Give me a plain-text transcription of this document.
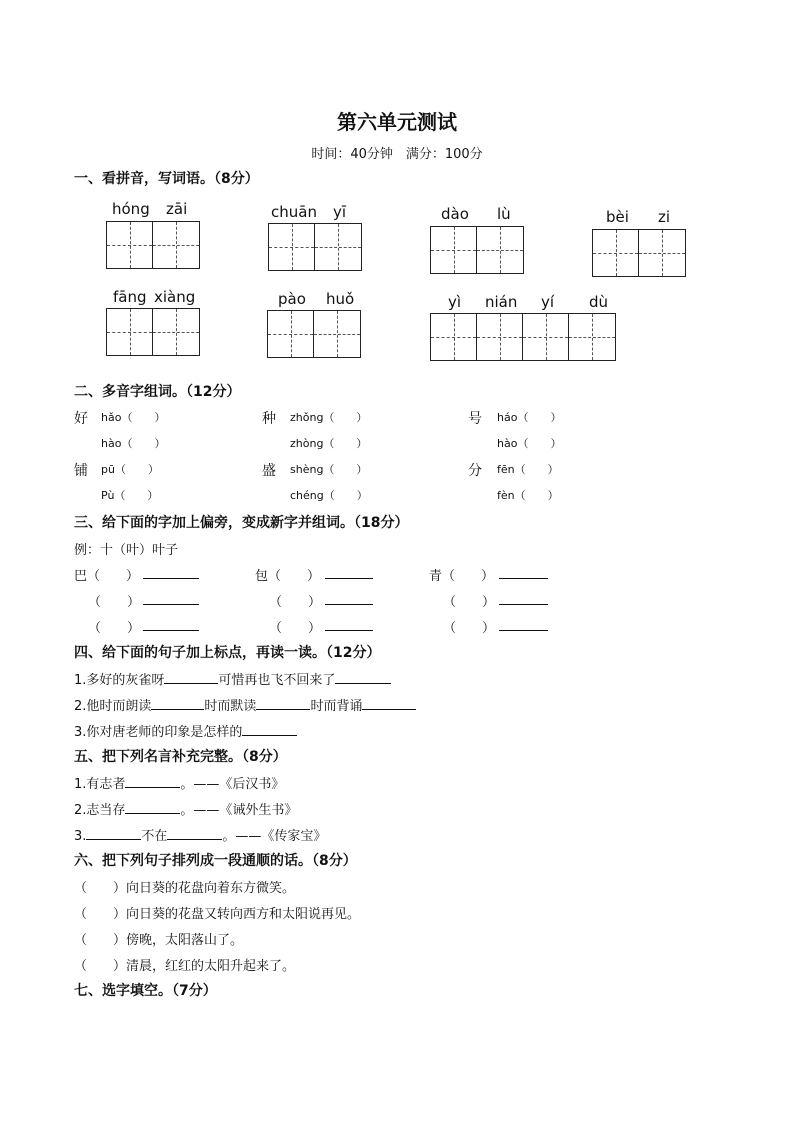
第六单元测试
时间：40分钟　满分：100分
一、看拼音，写词语。（8分）
hóng zāi	chuān yī	dào lù	bèi zi
fāng xiàng	pào huǒ	yì nián yí dù
二、多音字组词。（12分）
好 hǎo（　　）
hào（　　）
种 zhǒng（　　）
zhòng（　　）
号 háo（　　）
hào（　　）
铺 pū（　　）
Pù（　　）
盛 shèng（　　）
chéng（　　）
分 fēn（　　）
fèn（　　）
三、给下面的字加上偏旁，变成新字并组词。（18分）
例：十（叶）叶子
巴（　　）	包（　　）	青（　　）
（　　）	（　　）	（　　）
（　　）	（　　）	（　　）
四、给下面的句子加上标点，再读一读。（12分）
1.多好的灰雀呀	可惜再也飞不回来了
2.他时而朗读	时而默读	时而背诵
3.你对唐老师的印象是怎样的
五、把下列名言补充完整。（8分）
1.有志者	。——《后汉书》
2.志当存	。——《诫外生书》
3.	不在	。——《传家宝》
六、把下列句子排列成一段通顺的话。（8分）
（　　）向日葵的花盘向着东方微笑。
（　　）向日葵的花盘又转向西方和太阳说再见。
（　　）傍晚，太阳落山了。
（　　）清晨，红红的太阳升起来了。
七、选字填空。（7分）
